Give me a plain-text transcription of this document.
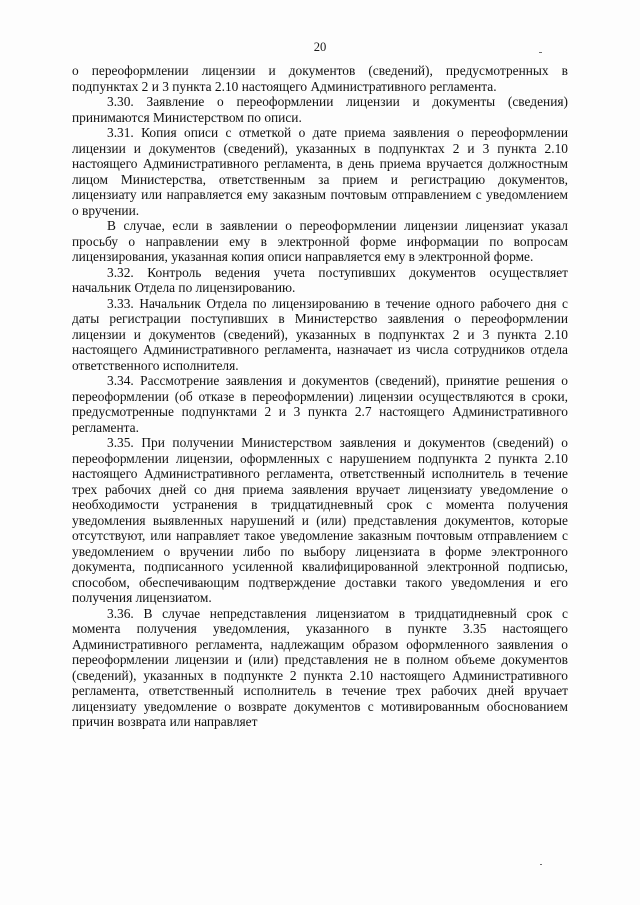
20

о переоформлении лицензии и документов (сведений), предусмотренных в подпунктах 2 и 3 пункта 2.10 настоящего Административного регламента.

3.30. Заявление о переоформлении лицензии и документы (сведения) принимаются Министерством по описи.

3.31. Копия описи с отметкой о дате приема заявления о переоформлении лицензии и документов (сведений), указанных в подпунктах 2 и 3 пункта 2.10 настоящего Административного регламента, в день приема вручается должностным лицом Министерства, ответственным за прием и регистрацию документов, лицензиату или направляется ему заказным почтовым отправлением с уведомлением о вручении.

В случае, если в заявлении о переоформлении лицензии лицензиат указал просьбу о направлении ему в электронной форме информации по вопросам лицензирования, указанная копия описи направляется ему в электронной форме.

3.32. Контроль ведения учета поступивших документов осуществляет начальник Отдела по лицензированию.

3.33. Начальник Отдела по лицензированию в течение одного рабочего дня с даты регистрации поступивших в Министерство заявления о переоформлении лицензии и документов (сведений), указанных в подпунктах 2 и 3 пункта 2.10 настоящего Административного регламента, назначает из числа сотрудников отдела ответственного исполнителя.

3.34. Рассмотрение заявления и документов (сведений), принятие решения о переоформлении (об отказе в переоформлении) лицензии осуществляются в сроки, предусмотренные подпунктами 2 и 3 пункта 2.7 настоящего Административного регламента.

3.35. При получении Министерством заявления и документов (сведений) о переоформлении лицензии, оформленных с нарушением подпункта 2 пункта 2.10 настоящего Административного регламента, ответственный исполнитель в течение трех рабочих дней со дня приема заявления вручает лицензиату уведомление о необходимости устранения в тридцатидневный срок с момента получения уведомления выявленных нарушений и (или) представления документов, которые отсутствуют, или направляет такое уведомление заказным почтовым отправлением с уведомлением о вручении либо по выбору лицензиата в форме электронного документа, подписанного усиленной квалифицированной электронной подписью, способом, обеспечивающим подтверждение доставки такого уведомления и его получения лицензиатом.

3.36. В случае непредставления лицензиатом в тридцатидневный срок с момента получения уведомления, указанного в пункте 3.35 настоящего Административного регламента, надлежащим образом оформленного заявления о переоформлении лицензии и (или) представления не в полном объеме документов (сведений), указанных в подпункте 2 пункта 2.10 настоящего Административного регламента, ответственный исполнитель в течение трех рабочих дней вручает лицензиату уведомление о возврате документов с мотивированным обоснованием причин возврата или направляет
